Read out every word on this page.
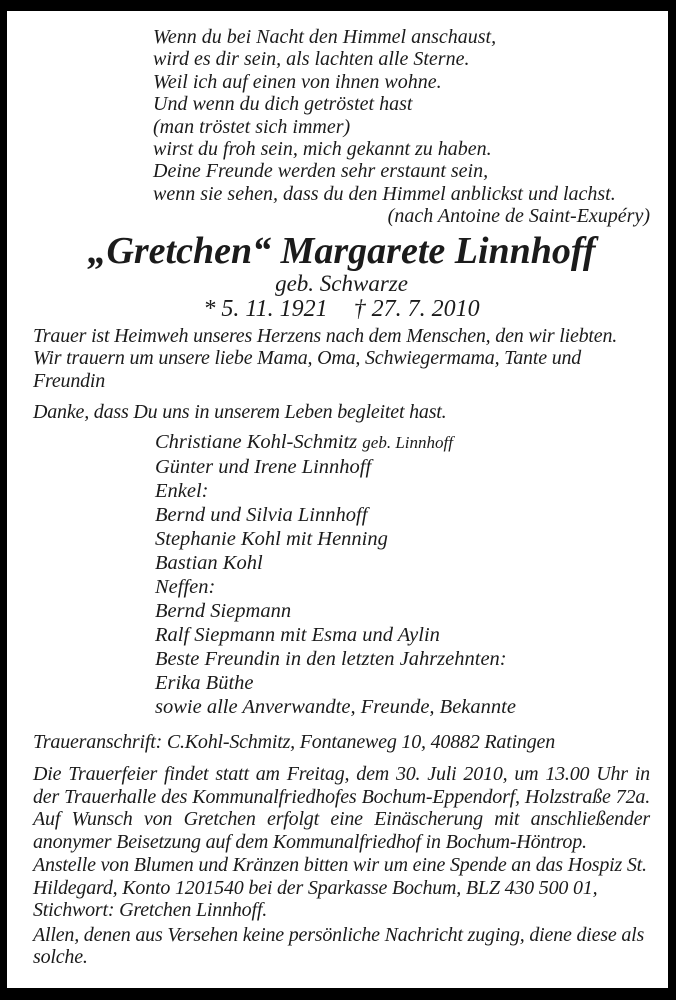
Wenn du bei Nacht den Himmel anschaust,
wird es dir sein, als lachten alle Sterne.
Weil ich auf einen von ihnen wohne.
Und wenn du dich getröstet hast
(man tröstet sich immer)
wirst du froh sein, mich gekannt zu haben.
Deine Freunde werden sehr erstaunt sein,
wenn sie sehen, dass du den Himmel anblickst und lachst.
(nach Antoine de Saint-Exupéry)
„Gretchen“ Margarete Linnhoff
geb. Schwarze
* 5. 11. 1921 † 27. 7. 2010

Trauer ist Heimweh unseres Herzens nach dem Menschen, den wir liebten. Wir trauern um unsere liebe Mama, Oma, Schwiegermama, Tante und Freundin

Danke, dass Du uns in unserem Leben begleitet hast.

Christiane Kohl-Schmitz geb. Linnhoff
Günter und Irene Linnhoff
Enkel:
Bernd und Silvia Linnhoff
Stephanie Kohl mit Henning
Bastian Kohl
Neffen:
Bernd Siepmann
Ralf Siepmann mit Esma und Aylin
Beste Freundin in den letzten Jahrzehnten:
Erika Büthe
sowie alle Anverwandte, Freunde, Bekannte

Traueranschrift: C.Kohl-Schmitz, Fontaneweg 10, 40882 Ratingen

Die Trauerfeier findet statt am Freitag, dem 30. Juli 2010, um 13.00 Uhr in der Trauerhalle des Kommunalfriedhofes Bochum-Eppendorf, Holzstraße 72a. Auf Wunsch von Gretchen erfolgt eine Einäscherung mit anschließender anonymer Beisetzung auf dem Kommunalfriedhof in Bochum-Höntrop.

Anstelle von Blumen und Kränzen bitten wir um eine Spende an das Hospiz St. Hildegard, Konto 1201540 bei der Sparkasse Bochum, BLZ 430 500 01, Stichwort: Gretchen Linnhoff.

Allen, denen aus Versehen keine persönliche Nachricht zuging, diene diese als solche.
